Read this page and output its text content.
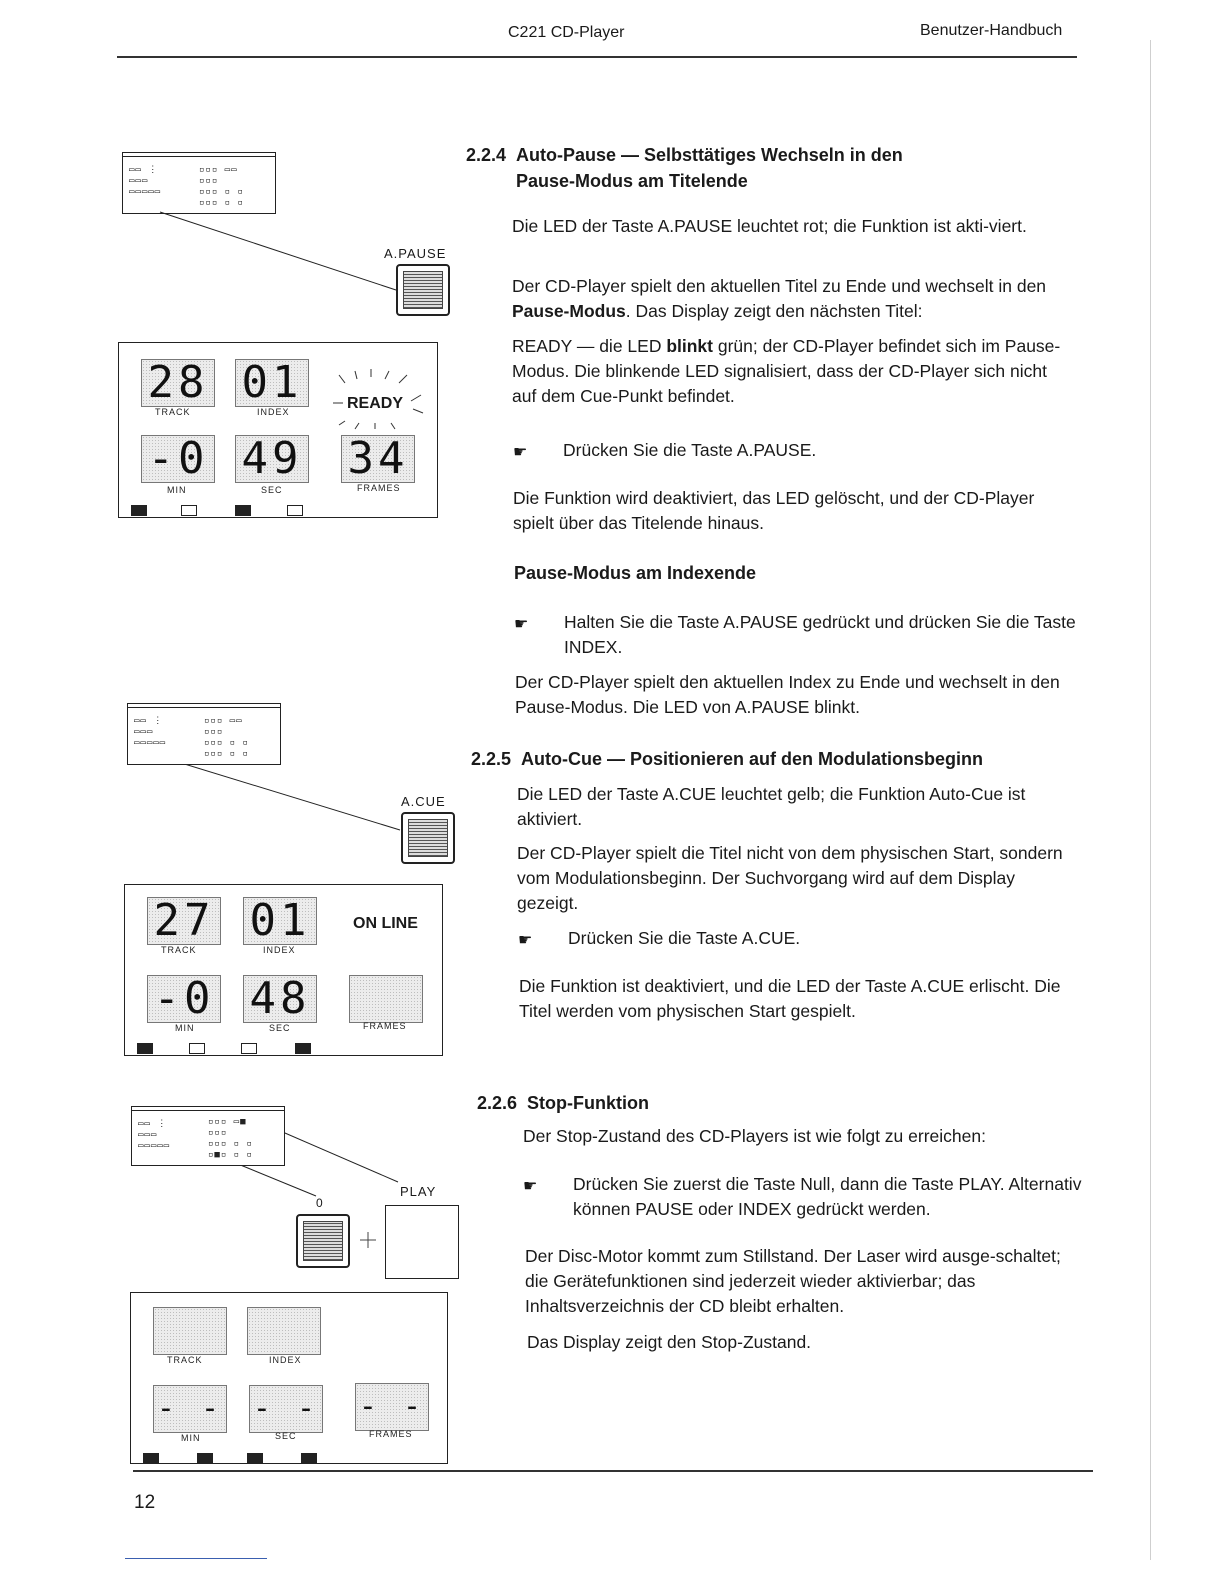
C221 CD-Player	Benutzer-Handbuch
▭▭ ⋮
▭▭▭
▭▭▭▭▭
▫▫▫ ▭▭
▫▫▫
▫▫▫ ▫ ▫
▫▫▫ ▫ ▫
A.PAUSE
28
TRACK
01
INDEX	READY
-0
MIN
49
SEC
34
FRAMES
▭▭ ⋮
▭▭▭
▭▭▭▭▭
▫▫▫ ▭▭
▫▫▫
▫▫▫ ▫ ▫
▫▫▫ ▫ ▫
A.CUE
27
TRACK
01
INDEX
ON LINE
-0
MIN
48
SEC	FRAMES
▭▭ ⋮
▭▭▭
▭▭▭▭▭
▫▫▫ ▭■
▫▫▫
▫▫▫ ▫ ▫
▫■▫ ▫ ▫
0
PLAY
TRACK	INDEX
- -
MIN
- -
SEC
- -
FRAMES
2.2.4 Auto-Pause — Selbsttätiges Wechseln in den
Pause-Modus am Titelende
Die LED der Taste A.PAUSE leuchtet rot; die Funktion ist akti-viert.
Der CD-Player spielt den aktuellen Titel zu Ende und wechselt in den Pause-Modus. Das Display zeigt den nächsten Titel:
READY — die LED blinkt grün; der CD-Player befindet sich im Pause-Modus. Die blinkende LED signalisiert, dass der CD-Player sich nicht auf dem Cue-Punkt befindet.
☛ Drücken Sie die Taste A.PAUSE.
Die Funktion wird deaktiviert, das LED gelöscht, und der CD-Player spielt über das Titelende hinaus.
Pause-Modus am Indexende
☛ Halten Sie die Taste A.PAUSE gedrückt und drücken Sie die Taste INDEX.
Der CD-Player spielt den aktuellen Index zu Ende und wechselt in den Pause-Modus. Die LED von A.PAUSE blinkt.
2.2.5 Auto-Cue — Positionieren auf den Modulationsbeginn
Die LED der Taste A.CUE leuchtet gelb; die Funktion Auto-Cue ist aktiviert.
Der CD-Player spielt die Titel nicht von dem physischen Start, sondern vom Modulationsbeginn. Der Suchvorgang wird auf dem Display gezeigt.
☛ Drücken Sie die Taste A.CUE.
Die Funktion ist deaktiviert, und die LED der Taste A.CUE erlischt. Die Titel werden vom physischen Start gespielt.
2.2.6 Stop-Funktion
Der Stop-Zustand des CD-Players ist wie folgt zu erreichen:
☛ Drücken Sie zuerst die Taste Null, dann die Taste PLAY. Alternativ können PAUSE oder INDEX gedrückt werden.
Der Disc-Motor kommt zum Stillstand. Der Laser wird ausge-schaltet; die Gerätefunktionen sind jederzeit wieder aktivierbar; das Inhaltsverzeichnis der CD bleibt erhalten.
Das Display zeigt den Stop-Zustand.
12
